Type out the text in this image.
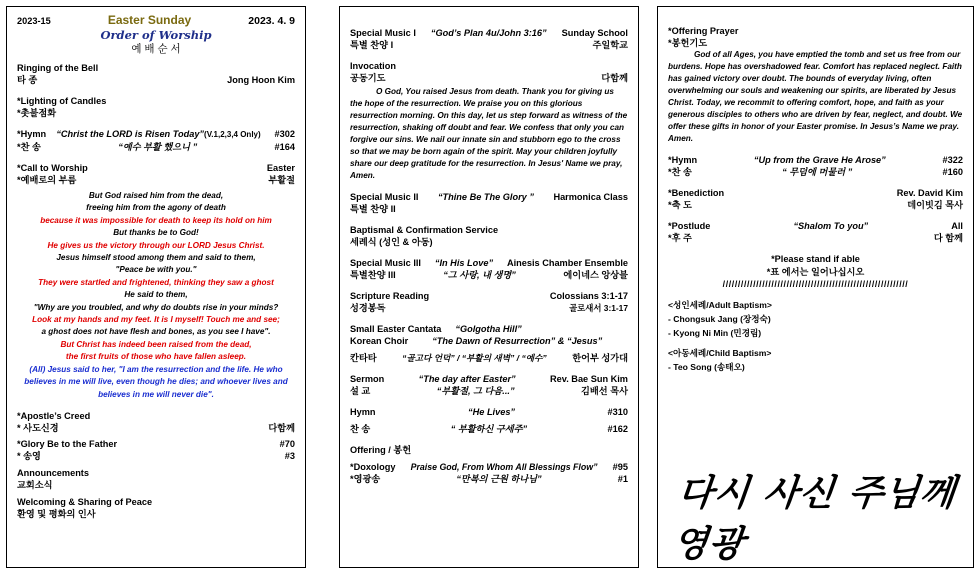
2023-15	Easter Sunday	2023. 4. 9
Order of Worship
예 배 순 서
Ringing of the Bell
타 종	Jong Hoon Kim
*Lighting of Candles
*촛불점화
*Hymn “Christ the LORD is Risen Today”(V.1,2,3,4 Only) #302
*찬 송	“예수 부활 했으니 ”	#164
*Call to Worship	Easter
*예배로의 부름	부활절

But God raised him from the dead,

freeing him from the agony of death

because it was impossible for death to keep its hold on him

But thanks be to God!

He gives us the victory through our LORD Jesus Christ.

Jesus himself stood among them and said to them,

"Peace be with you."

They were startled and frightened, thinking they saw a ghost

He said to them,

"Why are you troubled, and why do doubts rise in your minds?

Look at my hands and my feet. It is I myself! Touch me and see;

a ghost does not have flesh and bones, as you see I have".

But Christ has indeed been raised from the dead,

the first fruits of those who have fallen asleep.

(All) Jesus said to her, "I am the resurrection and the life. He who

believes in me will live, even though he dies; and whoever lives and

believes in me will never die".

*Apostle’s Creed
* 사도신경	다함께
*Glory Be to the Father	#70
* 송영	#3
Announcements
교회소식
Welcoming & Sharing of Peace
환영 및 평화의 인사
Special Music I “God’s Plan 4u/John 3:16” Sunday School
특별 찬양 I	주일학교
Invocation
공동기도	다함께

O God, You raised Jesus from death. Thank you for giving us the hope of the resurrection. We praise you on this glorious resurrection morning. On this day, let us step forward as witness of the resurrection, shaking off doubt and fear. We confess that only you can forgive our sins. We nail our innate sin and stubborn ego to the cross so that we may be born again of the spirit. May your children joyfully share our deep gratitude for the resurrection. In Jesus' Name we pray, Amen.

Special Music II “Thine Be The Glory ” Harmonica Class
특별 찬양 II
Baptismal & Confirmation Service
세례식 (성인 & 아동)
Special Music III “In His Love” Ainesis Chamber Ensemble
특별찬양 III	“그 사랑, 내 생명”	에이네스 앙상블
Scripture Reading	Colossians 3:1-17
성경봉독	골로새서 3:1-17
Small Easter Cantata “Golgotha Hill”
Korean Choir	“The Dawn of Resurrection” & “Jesus”
칸타타	“골고다 언덕” / “부활의 새벽” / “예수”	한어부 성가대
Sermon	“The day after Easter”	Rev. Bae Sun Kim
설 교	“부활절, 그 다음...”	김배선 목사
Hymn	“He Lives”	#310
찬 송	“ 부활하신 구세주”	#162
Offering / 봉헌
*Doxology Praise God, From Whom All Blessings Flow” #95
*영광송	“만복의 근원 하나님”	#1
*Offering Prayer
*봉헌기도

God of all Ages, you have emptied the tomb and set us free from our burdens. Hope has overshadowed fear. Comfort has replaced neglect. Faith has gained victory over doubt. The bounds of everyday living, often overwhelming our souls and weakening our spirits, are liberated by Jesus Christ. Today, we recommit to offering comfort, hope, and faith as your generous disciples to others who are driven by fear, neglect, and doubt. We offer these gifts in honor of your Easter promise. In Jesus’s Name we pray. Amen.

*Hymn	“Up from the Grave He Arose”	#322
*찬 송	“ 무덤에 머물러 ”	#160
*Benediction	Rev. David Kim
*축 도	데이빗김 목사
*Postlude	“Shalom To you”	All
*후 주	다 함께
*Please stand if able
*표 에서는 일어나십시오
/////////////////////////////////////////////////////////////
<성인세례/Adult Baptism>
- Chongsuk Jang (장정숙)
- Kyong Ni Min (민경림)
<아동세례/Child Baptism>
- Teo Song (송태오)
다시 사신 주님께 영광
